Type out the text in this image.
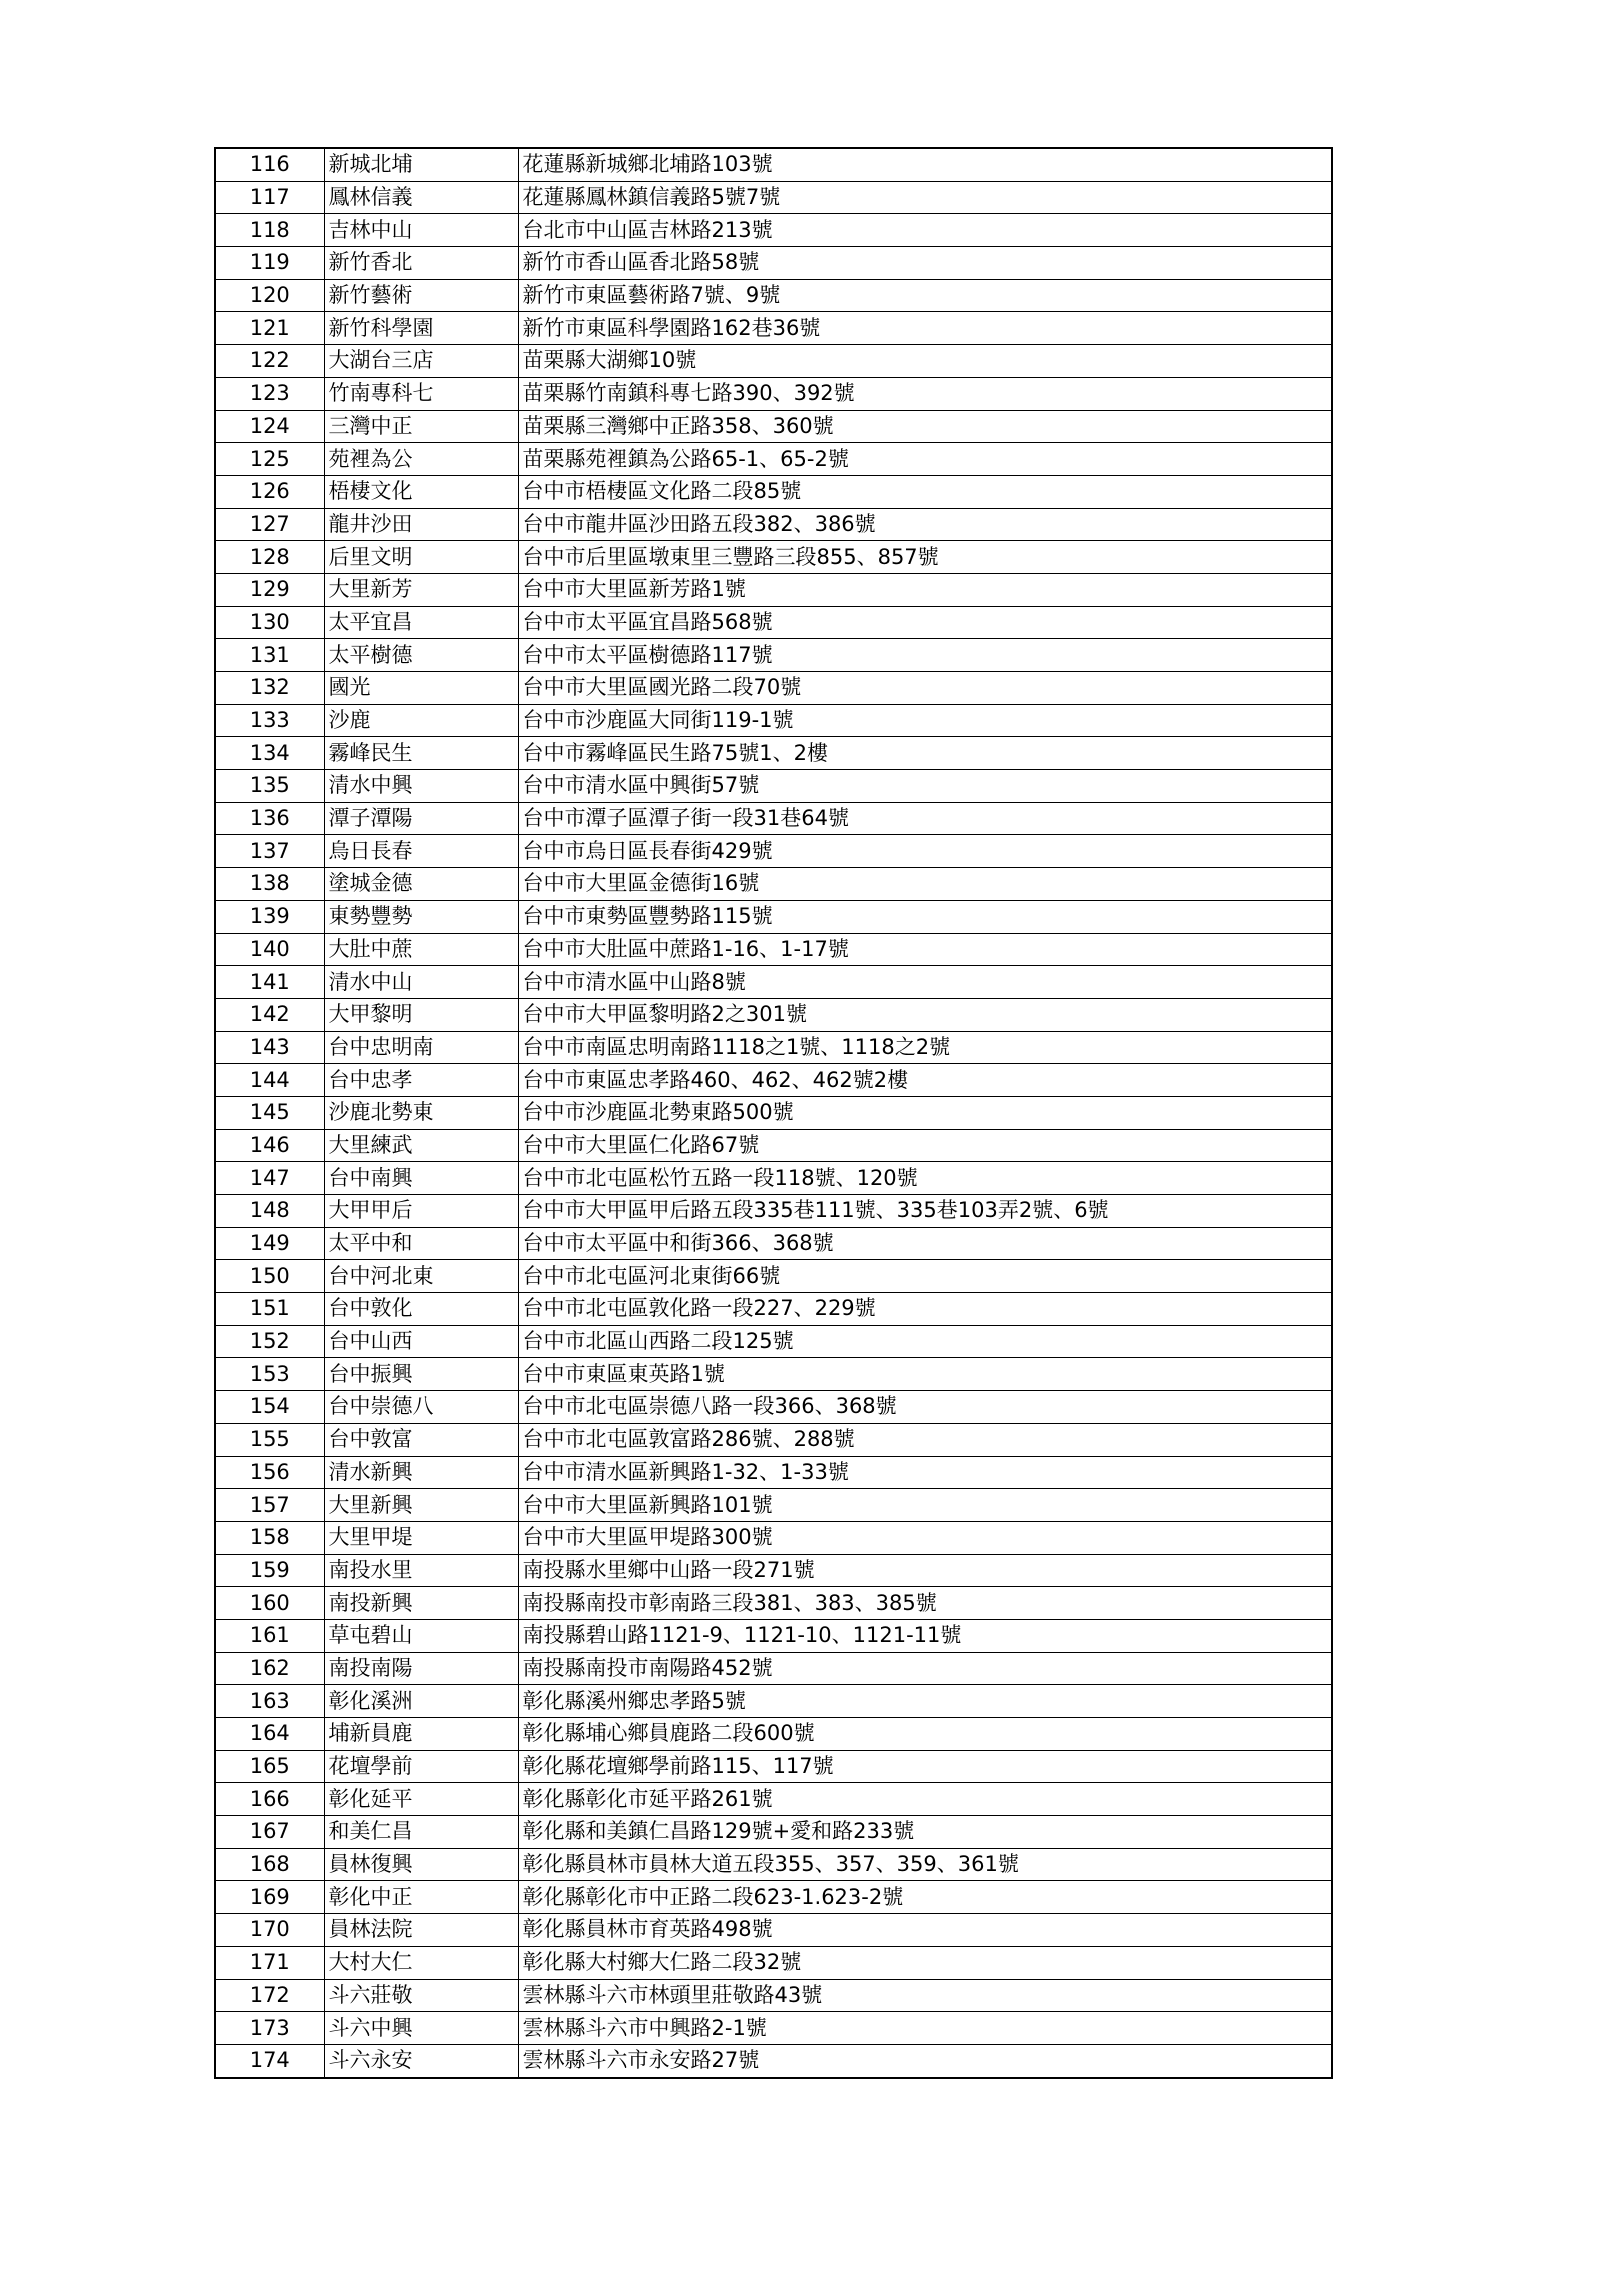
116	新城北埔	花蓮縣新城鄉北埔路103號
117	鳳林信義	花蓮縣鳳林鎮信義路5號7號
118	吉林中山	台北市中山區吉林路213號
119	新竹香北	新竹市香山區香北路58號
120	新竹藝術	新竹市東區藝術路7號、9號
121	新竹科學園	新竹市東區科學園路162巷36號
122	大湖台三店	苗栗縣大湖鄉10號
123	竹南專科七	苗栗縣竹南鎮科專七路390、392號
124	三灣中正	苗栗縣三灣鄉中正路358、360號
125	苑裡為公	苗栗縣苑裡鎮為公路65-1、65-2號
126	梧棲文化	台中市梧棲區文化路二段85號
127	龍井沙田	台中市龍井區沙田路五段382、386號
128	后里文明	台中市后里區墩東里三豐路三段855、857號
129	大里新芳	台中市大里區新芳路1號
130	太平宜昌	台中市太平區宜昌路568號
131	太平樹德	台中市太平區樹德路117號
132	國光	台中市大里區國光路二段70號
133	沙鹿	台中市沙鹿區大同街119-1號
134	霧峰民生	台中市霧峰區民生路75號1、2樓
135	清水中興	台中市清水區中興街57號
136	潭子潭陽	台中市潭子區潭子街一段31巷64號
137	烏日長春	台中市烏日區長春街429號
138	塗城金德	台中市大里區金德街16號
139	東勢豐勢	台中市東勢區豐勢路115號
140	大肚中蔗	台中市大肚區中蔗路1-16、1-17號
141	清水中山	台中市清水區中山路8號
142	大甲黎明	台中市大甲區黎明路2之301號
143	台中忠明南	台中市南區忠明南路1118之1號、1118之2號
144	台中忠孝	台中市東區忠孝路460、462、462號2樓
145	沙鹿北勢東	台中市沙鹿區北勢東路500號
146	大里練武	台中市大里區仁化路67號
147	台中南興	台中市北屯區松竹五路一段118號、120號
148	大甲甲后	台中市大甲區甲后路五段335巷111號、335巷103弄2號、6號
149	太平中和	台中市太平區中和街366、368號
150	台中河北東	台中市北屯區河北東街66號
151	台中敦化	台中市北屯區敦化路一段227、229號
152	台中山西	台中市北區山西路二段125號
153	台中振興	台中市東區東英路1號
154	台中崇德八	台中市北屯區崇德八路一段366、368號
155	台中敦富	台中市北屯區敦富路286號、288號
156	清水新興	台中市清水區新興路1-32、1-33號
157	大里新興	台中市大里區新興路101號
158	大里甲堤	台中市大里區甲堤路300號
159	南投水里	南投縣水里鄉中山路一段271號
160	南投新興	南投縣南投市彰南路三段381、383、385號
161	草屯碧山	南投縣碧山路1121-9、1121-10、1121-11號
162	南投南陽	南投縣南投市南陽路452號
163	彰化溪洲	彰化縣溪州鄉忠孝路5號
164	埔新員鹿	彰化縣埔心鄉員鹿路二段600號
165	花壇學前	彰化縣花壇鄉學前路115、117號
166	彰化延平	彰化縣彰化市延平路261號
167	和美仁昌	彰化縣和美鎮仁昌路129號+愛和路233號
168	員林復興	彰化縣員林市員林大道五段355、357、359、361號
169	彰化中正	彰化縣彰化市中正路二段623-1.623-2號
170	員林法院	彰化縣員林市育英路498號
171	大村大仁	彰化縣大村鄉大仁路二段32號
172	斗六莊敬	雲林縣斗六市林頭里莊敬路43號
173	斗六中興	雲林縣斗六市中興路2-1號
174	斗六永安	雲林縣斗六市永安路27號
